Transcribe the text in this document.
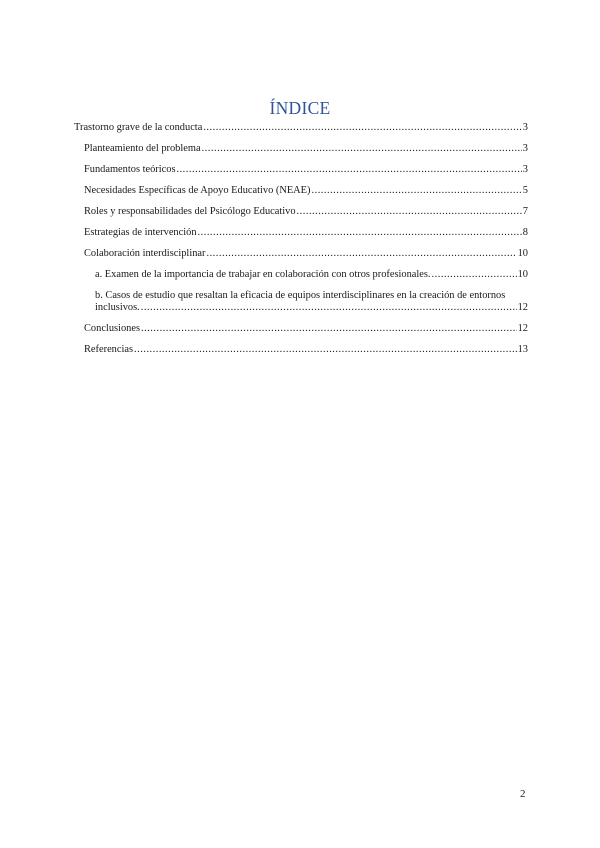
ÍNDICE
Trastorno grave de la conducta .....	3
Planteamiento del problema .....	3
Fundamentos teóricos .....	3
Necesidades Específicas de Apoyo Educativo (NEAE) .....	5
Roles y responsabilidades del Psicólogo Educativo .....	7
Estrategias de intervención .....	8
Colaboración interdisciplinar .....	10
a. Examen de la importancia de trabajar en colaboración con otros profesionales. .....	10
b. Casos de estudio que resaltan la eficacia de equipos interdisciplinares en la creación de entornos
inclusivos. .....	12
Conclusiones .....	12
Referencias .....	13
2
